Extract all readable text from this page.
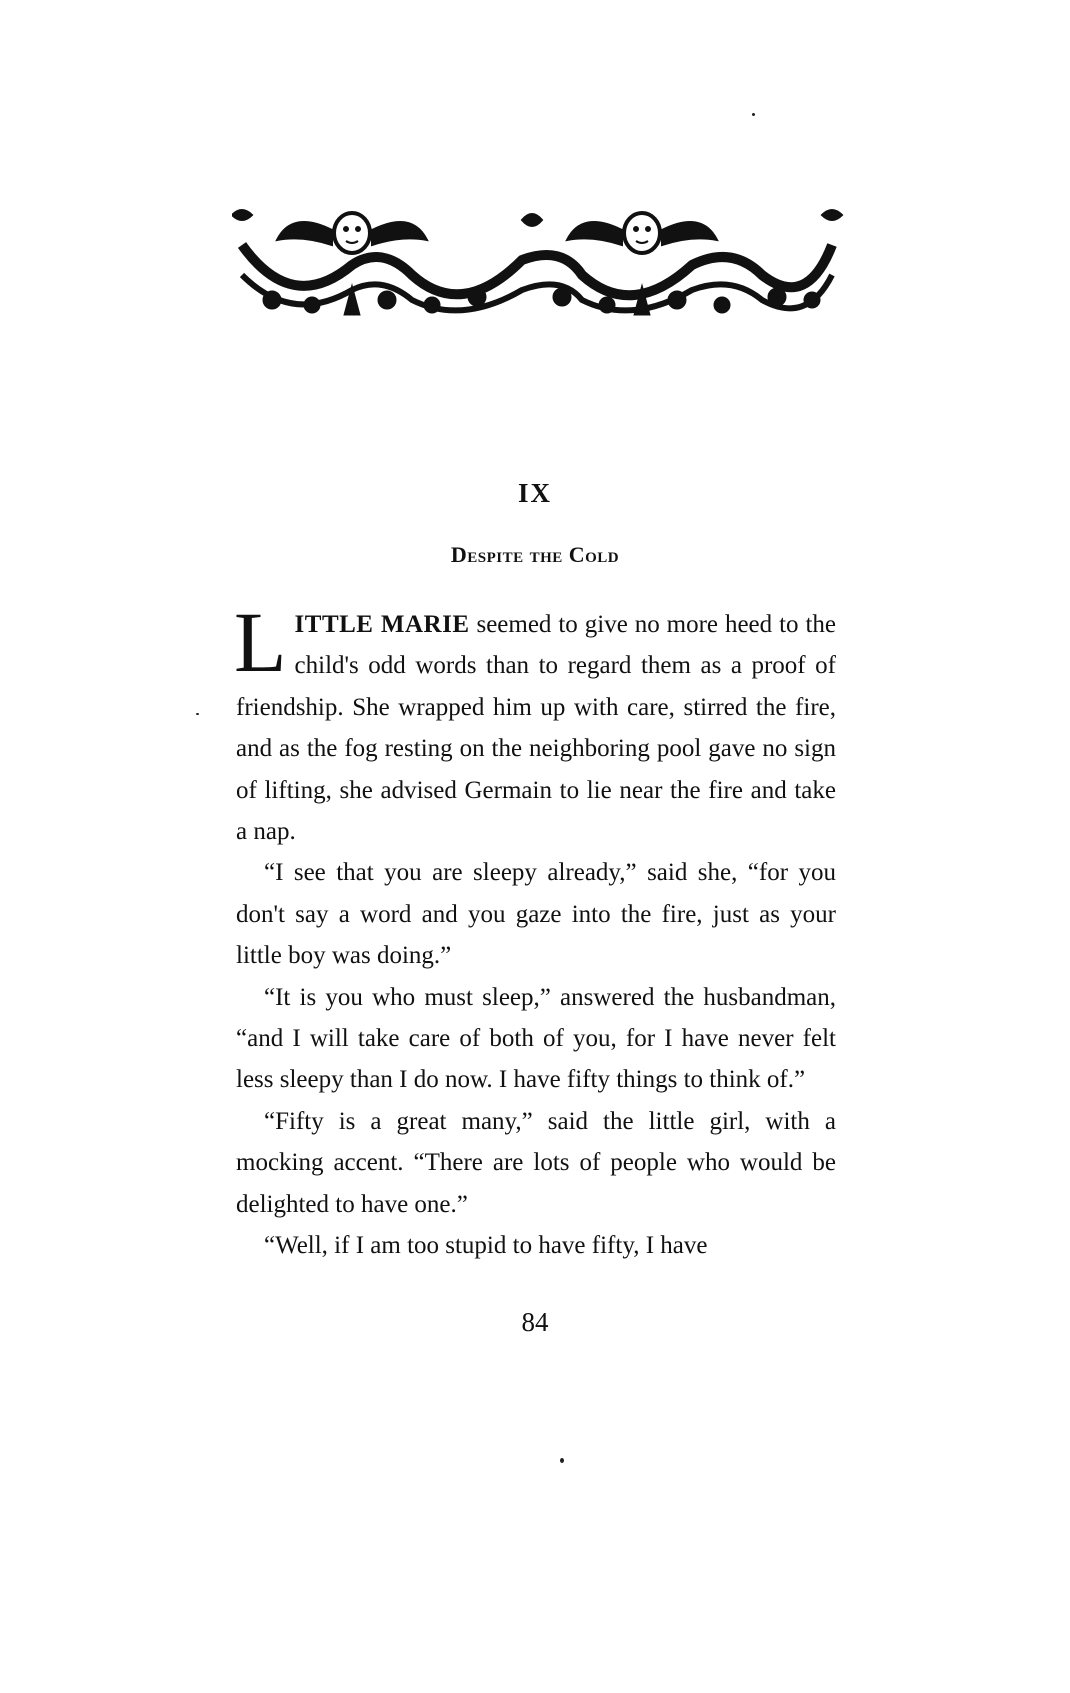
IX
Despite the Cold

LITTLE MARIE seemed to give no more heed to the child's odd words than to regard them as a proof of friendship. She wrapped him up with care, stirred the fire, and as the fog resting on the neighboring pool gave no sign of lifting, she advised Germain to lie near the fire and take a nap.

“I see that you are sleepy already,” said she, “for you don't say a word and you gaze into the fire, just as your little boy was doing.”

“It is you who must sleep,” answered the husbandman, “and I will take care of both of you, for I have never felt less sleepy than I do now. I have fifty things to think of.”

“Fifty is a great many,” said the little girl, with a mocking accent. “There are lots of people who would be delighted to have one.”

“Well, if I am too stupid to have fifty, I have

84
